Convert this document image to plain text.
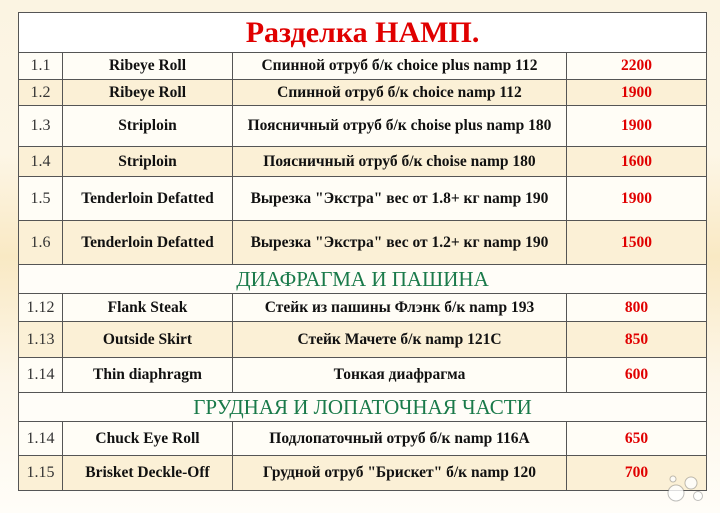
Разделка НАМП.			
1.1	Ribeye Roll	Спинной отруб б/к choice plus namp 112	2200
1.2	Ribeye Roll	Спинной отруб б/к choice namp 112	1900
1.3	Striploin	Поясничный отруб б/к choise plus namp 180	1900
1.4	Striploin	Поясничный отруб б/к choise namp 180	1600
1.5	Tenderloin Defatted	Вырезка "Экстра" вес от 1.8+ кг namp 190	1900
1.6	Tenderloin Defatted	Вырезка "Экстра" вес от 1.2+ кг namp 190	1500
ДИАФРАГМА И ПАШИНА			
1.12	Flank Steak	Стейк из пашины Флэнк б/к namp 193	800
1.13	Outside Skirt	Стейк Мачете б/к namp 121C	850
1.14	Thin diaphragm	Тонкая диафрагма	600
ГРУДНАЯ И ЛОПАТОЧНАЯ ЧАСТИ			
1.14	Chuck Eye Roll	Подлопаточный отруб б/к namp 116A	650
1.15	Brisket Deckle-Off	Грудной отруб "Брискет" б/к namp 120	700
